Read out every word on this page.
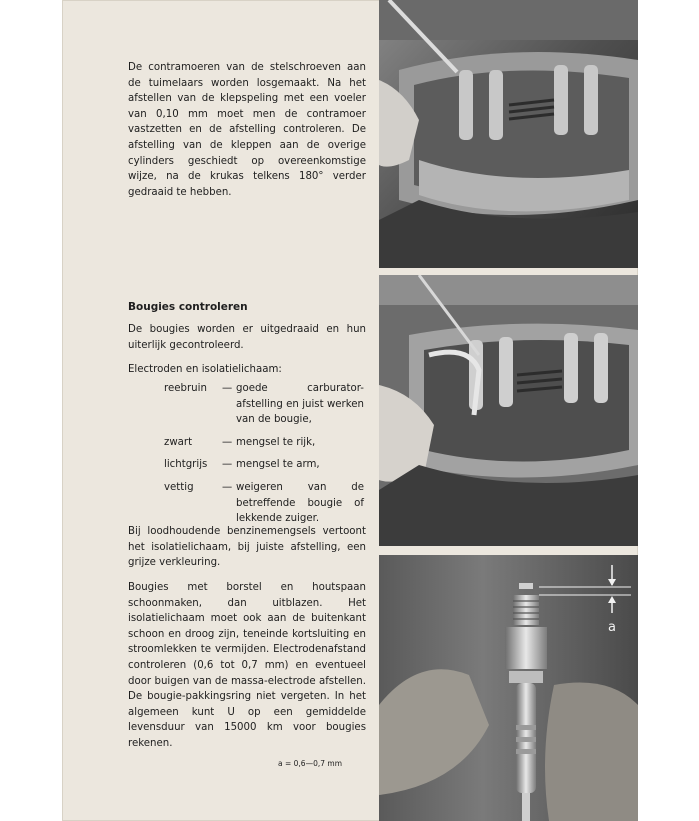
De contramoeren van de stelschroeven aan de tuimelaars worden losgemaakt. Na het afstellen van de klepspeling met een voeler van 0,10 mm moet men de contramoer vastzetten en de afstelling controleren. De afstelling van de kleppen aan de overige cylinders geschiedt op overeenkomstige wijze, na de krukas telkens 180° verder gedraaid te hebben.

Bougies controleren

De bougies worden er uitgedraaid en hun uiterlijk gecontroleerd.

Electroden en isolatielichaam:

reebruin	— goede carburator-afstelling en juist werken van de bougie,
zwart	— mengsel te rijk,
lichtgrijs	— mengsel te arm,
vettig	— weigeren van de betreffende bougie of lekkende zuiger.

Bij loodhoudende benzinemengsels vertoont het isolatielichaam, bij juiste afstelling, een grijze verkleuring.

Bougies met borstel en houtspaan schoonmaken, dan uitblazen. Het isolatielichaam moet ook aan de buitenkant schoon en droog zijn, teneinde kortsluiting en stroomlekken te vermijden. Electrodenafstand controleren (0,6 tot 0,7 mm) en eventueel door buigen van de massa-electrode afstellen. De bougie-pakkingsring niet vergeten. In het algemeen kunt U op een gemiddelde levensduur van 15000 km voor bougies rekenen.

a = 0,6—0,7 mm
a
